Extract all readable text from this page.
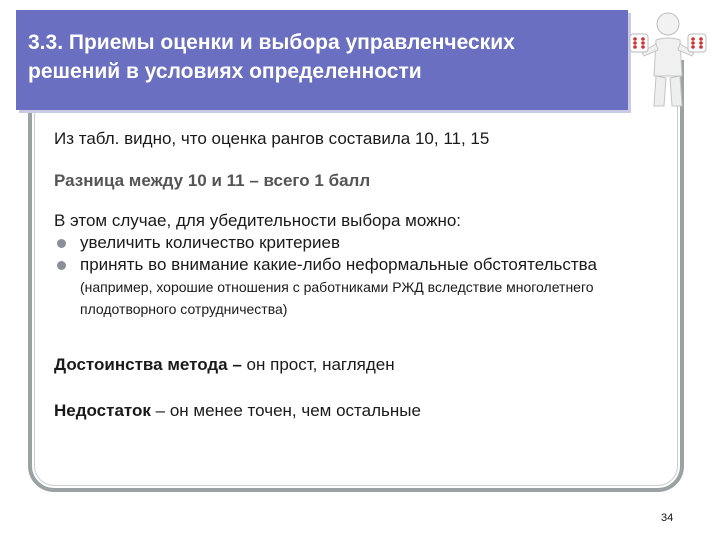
3.3. Приемы оценки и выбора управленческих
решений в условиях определенности
Из табл. видно, что оценка рангов составила 10, 11, 15
Разница между 10 и 11 – всего 1 балл
В этом случае, для убедительности выбора можно:
увеличить количество критериев
принять во внимание какие-либо неформальные обстоятельства (например, хорошие отношения с работниками РЖД вследствие многолетнего плодотворного сотрудничества)
Достоинства метода – он прост, нагляден
Недостаток – он менее точен, чем остальные
34
